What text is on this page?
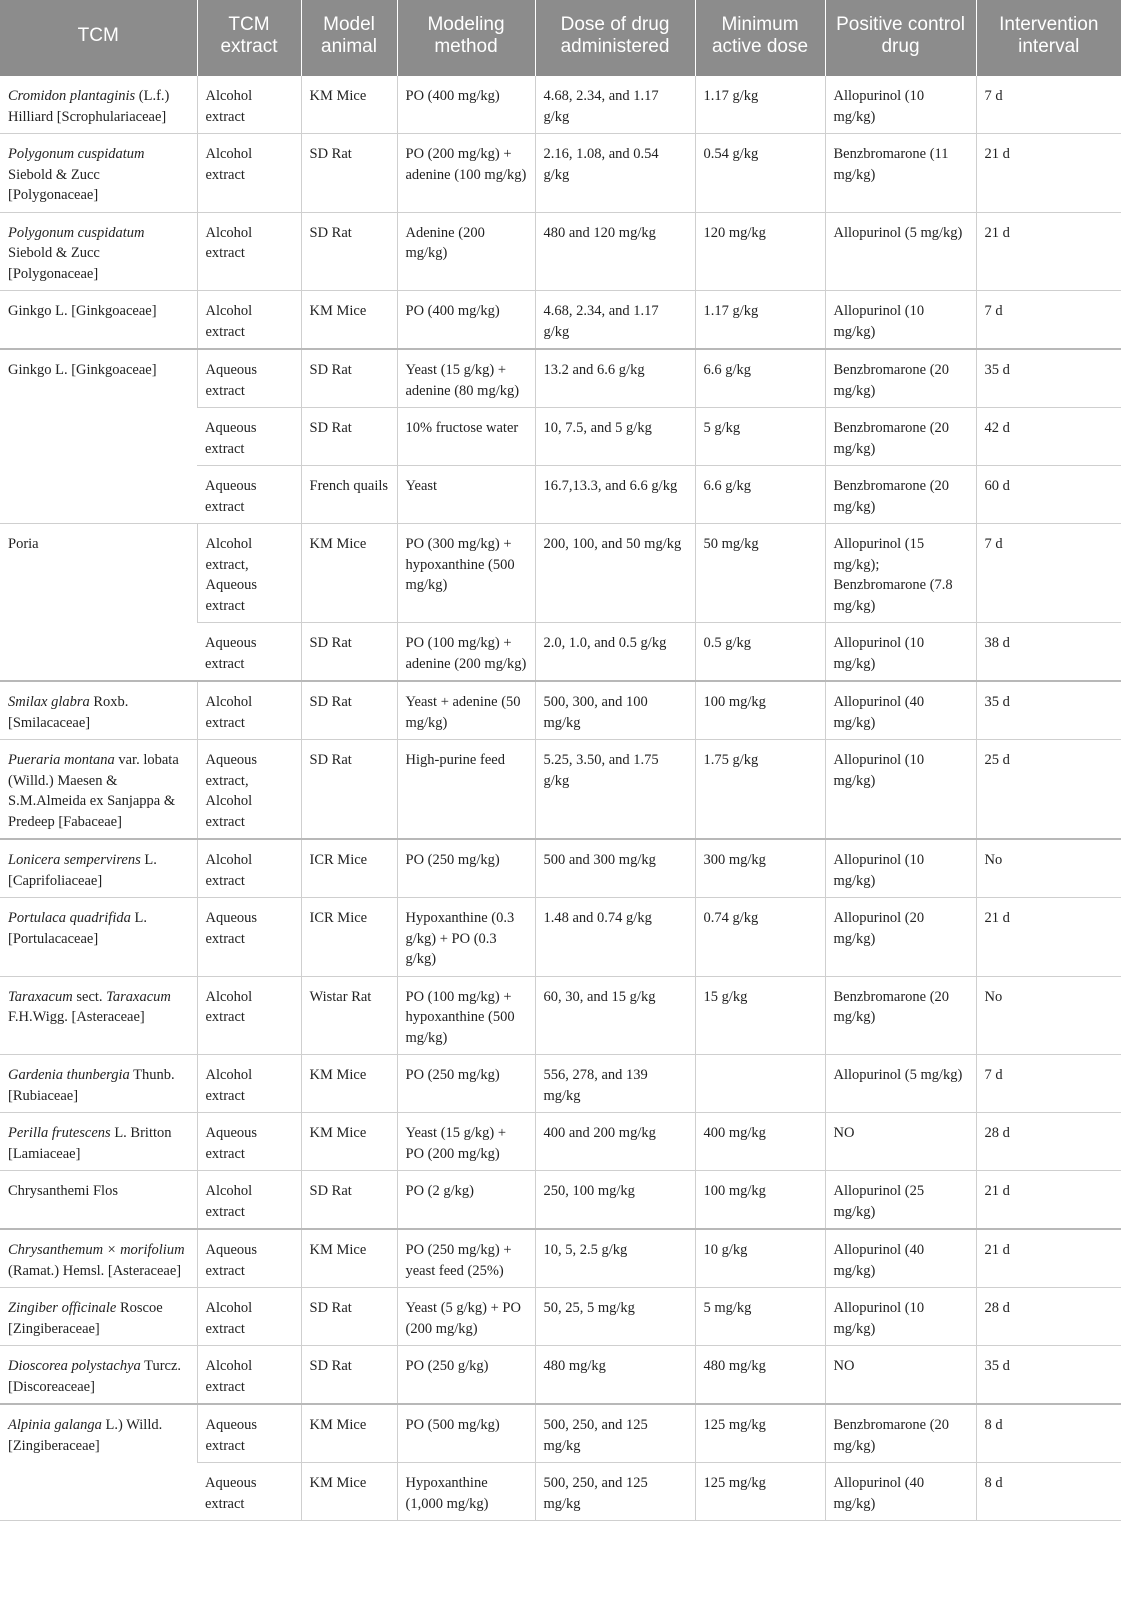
TCM	TCM extract	Model animal	Modeling method	Dose of drug administered	Minimum active dose	Positive control drug	Intervention interval
Cromidon plantaginis (L.f.) Hilliard [Scrophulariaceae]	Alcohol extract	KM Mice	PO (400 mg/kg)	4.68, 2.34, and 1.17 g/kg	1.17 g/kg	Allopurinol (10 mg/kg)	7 d
Polygonum cuspidatum Siebold & Zucc [Polygonaceae]	Alcohol extract	SD Rat	PO (200 mg/kg) + adenine (100 mg/kg)	2.16, 1.08, and 0.54 g/kg	0.54 g/kg	Benzbromarone (11 mg/kg)	21 d
Polygonum cuspidatum Siebold & Zucc [Polygonaceae]	Alcohol extract	SD Rat	Adenine (200 mg/kg)	480 and 120 mg/kg	120 mg/kg	Allopurinol (5 mg/kg)	21 d
Ginkgo L. [Ginkgoaceae]	Alcohol extract	KM Mice	PO (400 mg/kg)	4.68, 2.34, and 1.17 g/kg	1.17 g/kg	Allopurinol (10 mg/kg)	7 d
Ginkgo L. [Ginkgoaceae]	Aqueous extract	SD Rat	Yeast (15 g/kg) + adenine (80 mg/kg)	13.2 and 6.6 g/kg	6.6 g/kg	Benzbromarone (20 mg/kg)	35 d
	Aqueous extract	SD Rat	10% fructose water	10, 7.5, and 5 g/kg	5 g/kg	Benzbromarone (20 mg/kg)	42 d
	Aqueous extract	French quails	Yeast	16.7,13.3, and 6.6 g/kg	6.6 g/kg	Benzbromarone (20 mg/kg)	60 d
Poria	Alcohol extract, Aqueous extract	KM Mice	PO (300 mg/kg) + hypoxanthine (500 mg/kg)	200, 100, and 50 mg/kg	50 mg/kg	Allopurinol (15 mg/kg); Benzbromarone (7.8 mg/kg)	7 d
	Aqueous extract	SD Rat	PO (100 mg/kg) + adenine (200 mg/kg)	2.0, 1.0, and 0.5 g/kg	0.5 g/kg	Allopurinol (10 mg/kg)	38 d
Smilax glabra Roxb. [Smilacaceae]	Alcohol extract	SD Rat	Yeast + adenine (50 mg/kg)	500, 300, and 100 mg/kg	100 mg/kg	Allopurinol (40 mg/kg)	35 d
Pueraria montana var. lobata (Willd.) Maesen & S.M.Almeida ex Sanjappa & Predeep [Fabaceae]	Aqueous extract, Alcohol extract	SD Rat	High-purine feed	5.25, 3.50, and 1.75 g/kg	1.75 g/kg	Allopurinol (10 mg/kg)	25 d
Lonicera sempervirens L. [Caprifoliaceae]	Alcohol extract	ICR Mice	PO (250 mg/kg)	500 and 300 mg/kg	300 mg/kg	Allopurinol (10 mg/kg)	No
Portulaca quadrifida L. [Portulacaceae]	Aqueous extract	ICR Mice	Hypoxanthine (0.3 g/kg) + PO (0.3 g/kg)	1.48 and 0.74 g/kg	0.74 g/kg	Allopurinol (20 mg/kg)	21 d
Taraxacum sect. Taraxacum F.H.Wigg. [Asteraceae]	Alcohol extract	Wistar Rat	PO (100 mg/kg) + hypoxanthine (500 mg/kg)	60, 30, and 15 g/kg	15 g/kg	Benzbromarone (20 mg/kg)	No
Gardenia thunbergia Thunb. [Rubiaceae]	Alcohol extract	KM Mice	PO (250 mg/kg)	556, 278, and 139 mg/kg		Allopurinol (5 mg/kg)	7 d
Perilla frutescens L. Britton [Lamiaceae]	Aqueous extract	KM Mice	Yeast (15 g/kg) + PO (200 mg/kg)	400 and 200 mg/kg	400 mg/kg	NO	28 d
Chrysanthemi Flos	Alcohol extract	SD Rat	PO (2 g/kg)	250, 100 mg/kg	100 mg/kg	Allopurinol (25 mg/kg)	21 d
Chrysanthemum × morifolium (Ramat.) Hemsl. [Asteraceae]	Aqueous extract	KM Mice	PO (250 mg/kg) + yeast feed (25%)	10, 5, 2.5 g/kg	10 g/kg	Allopurinol (40 mg/kg)	21 d
Zingiber officinale Roscoe [Zingiberaceae]	Alcohol extract	SD Rat	Yeast (5 g/kg) + PO (200 mg/kg)	50, 25, 5 mg/kg	5 mg/kg	Allopurinol (10 mg/kg)	28 d
Dioscorea polystachya Turcz. [Discoreaceae]	Alcohol extract	SD Rat	PO (250 g/kg)	480 mg/kg	480 mg/kg	NO	35 d
Alpinia galanga L.) Willd. [Zingiberaceae]	Aqueous extract	KM Mice	PO (500 mg/kg)	500, 250, and 125 mg/kg	125 mg/kg	Benzbromarone (20 mg/kg)	8 d
	Aqueous extract	KM Mice	Hypoxanthine (1,000 mg/kg)	500, 250, and 125 mg/kg	125 mg/kg	Allopurinol (40 mg/kg)	8 d
